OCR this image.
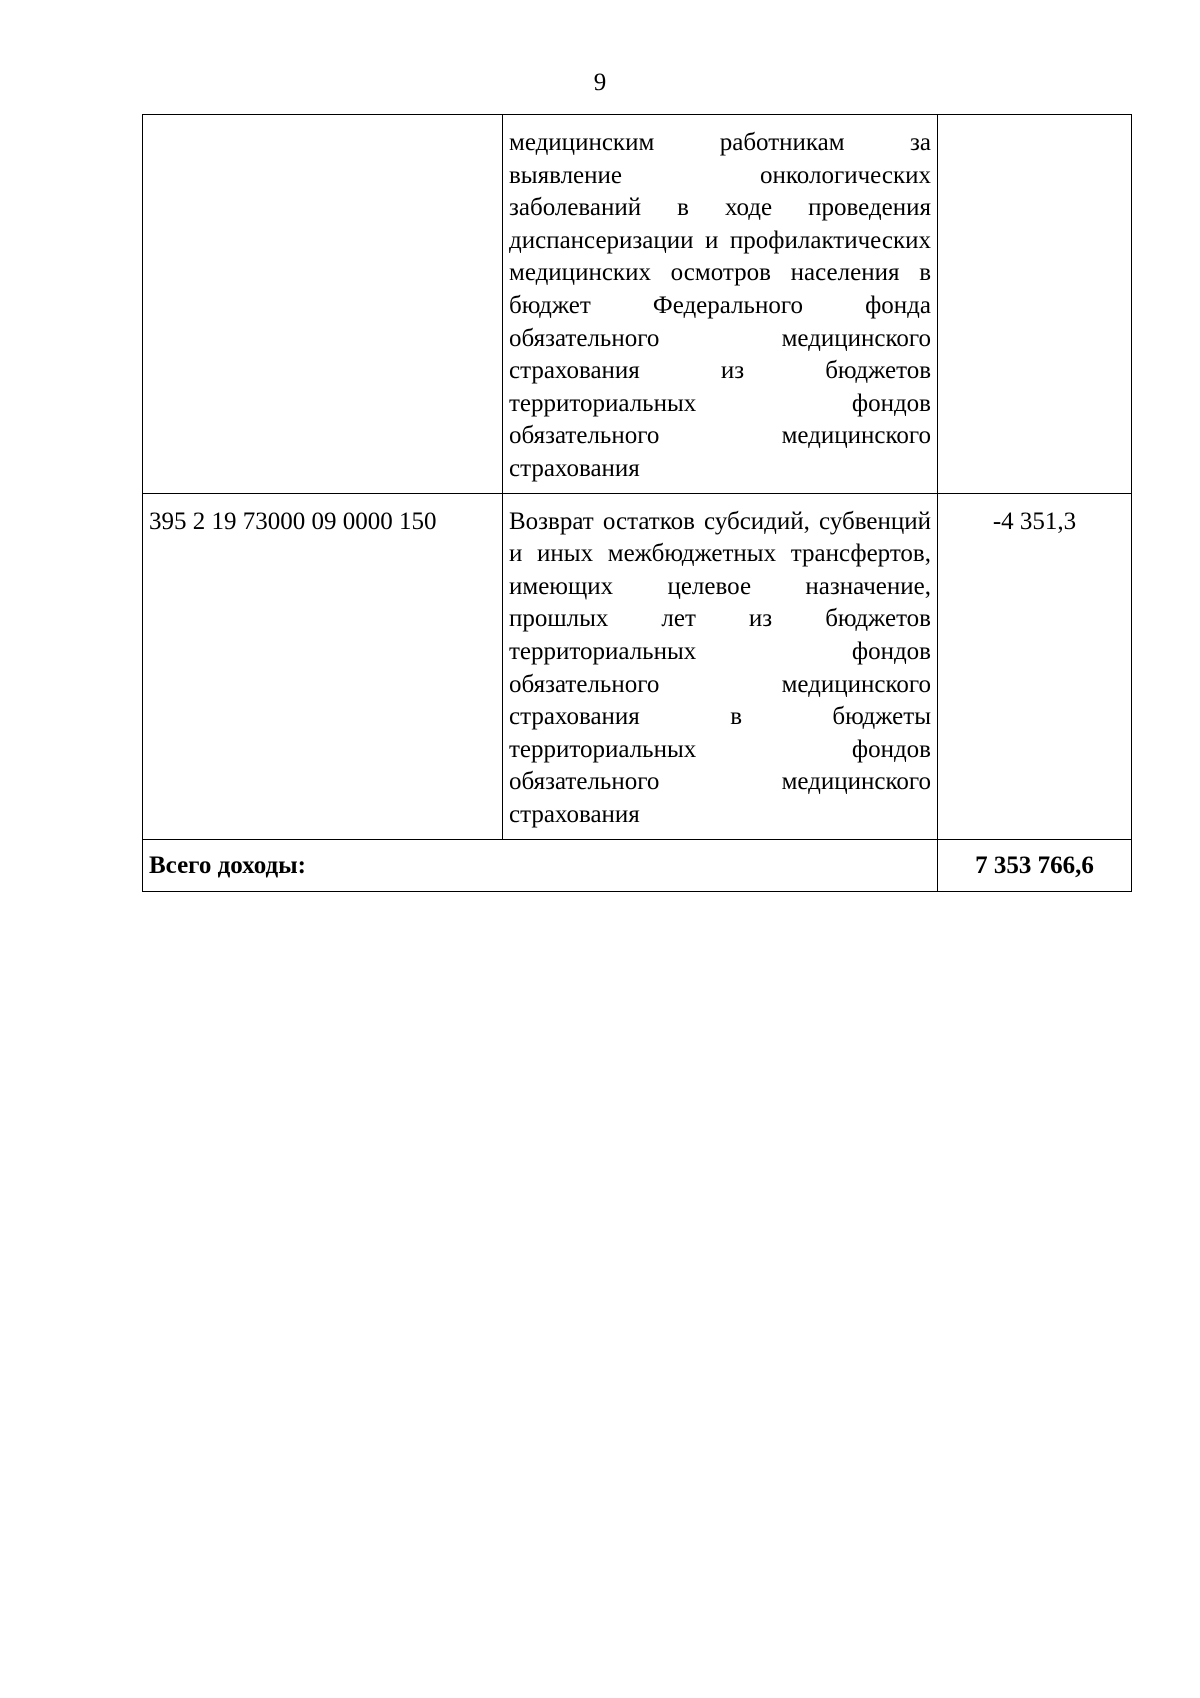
9
	медицинским работникам за выявление онкологических заболеваний в ходе проведения диспансеризации и профилактических медицинских осмотров населения в бюджет Федерального фонда обязательного медицинского страхования из бюджетов территориальных фондов обязательного медицинского страхования	
395 2 19 73000 09 0000 150	Возврат остатков субсидий, субвенций и иных межбюджетных трансфертов, имеющих целевое назначение, прошлых лет из бюджетов территориальных фондов обязательного медицинского страхования в бюджеты территориальных фондов обязательного медицинского страхования	-4 351,3
Всего доходы:		7 353 766,6
